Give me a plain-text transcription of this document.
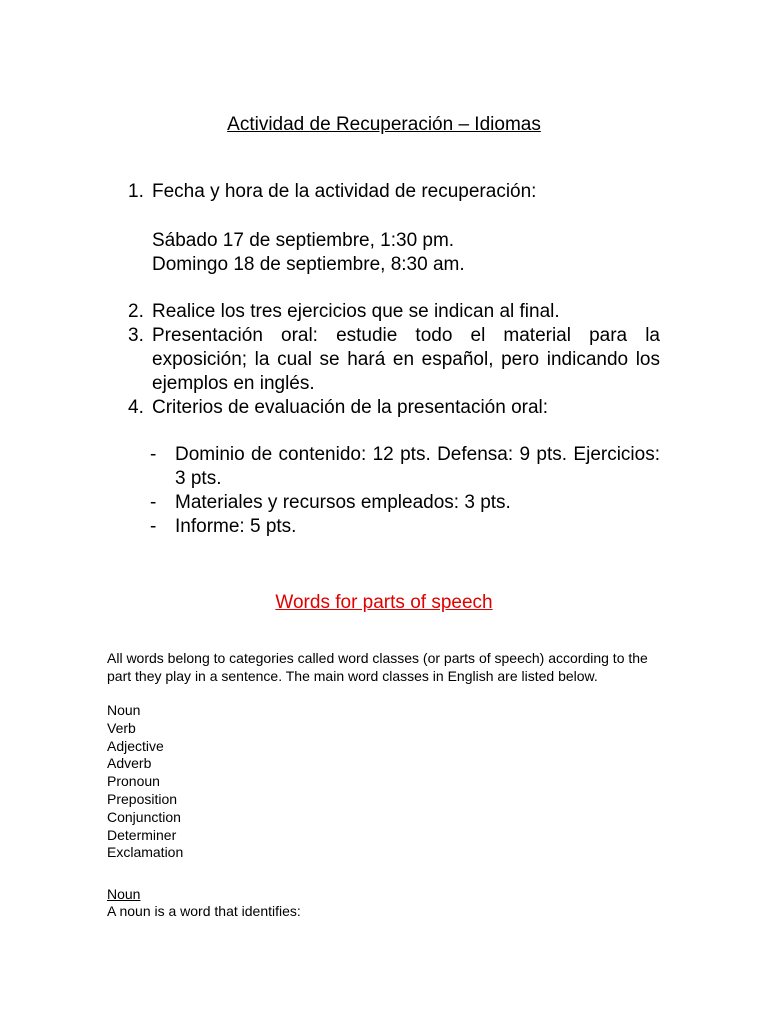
Actividad de Recuperación – Idiomas
1. Fecha y hora de la actividad de recuperación:
Sábado 17 de septiembre, 1:30 pm.
Domingo 18 de septiembre, 8:30 am.
2. Realice los tres ejercicios que se indican al final.
3. Presentación oral: estudie todo el material para la exposición; la cual se hará en español, pero indicando los ejemplos en inglés.
4. Criterios de evaluación de la presentación oral:
- Dominio de contenido: 12 pts. Defensa: 9 pts. Ejercicios: 3 pts.
- Materiales y recursos empleados: 3 pts.
- Informe: 5 pts.
Words for parts of speech
All words belong to categories called word classes (or parts of speech) according to the part they play in a sentence. The main word classes in English are listed below.
Noun
Verb
Adjective
Adverb
Pronoun
Preposition
Conjunction
Determiner
Exclamation
Noun
A noun is a word that identifies:
